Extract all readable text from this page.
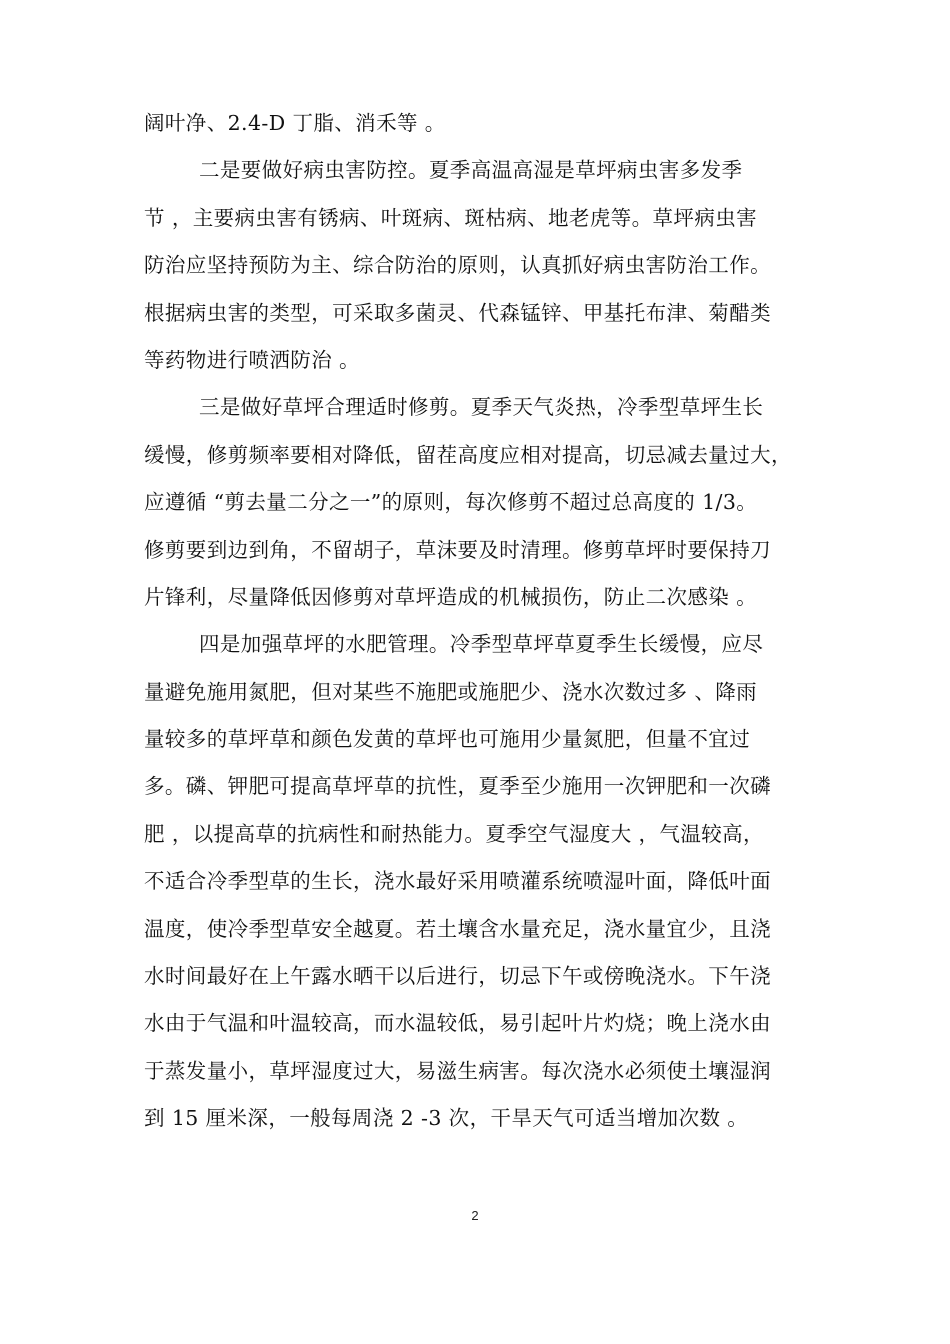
阔叶净、2.4-D 丁脂、消禾等 。
二是要做好病虫害防控。夏季高温高湿是草坪病虫害多发季
节 ，主要病虫害有锈病、叶斑病、斑枯病、地老虎等。草坪病虫害
防治应坚持预防为主、综合防治的原则，认真抓好病虫害防治工作。
根据病虫害的类型，可采取多菌灵、代森锰锌、甲基托布津、菊醋类
等药物进行喷洒防治 。
三是做好草坪合理适时修剪。夏季天气炎热，冷季型草坪生长
缓慢，修剪频率要相对降低，留茬高度应相对提高，切忌减去量过大，
应遵循 “剪去量二分之一”的原则，每次修剪不超过总高度的 1/3。
修剪要到边到角，不留胡子，草沫要及时清理。修剪草坪时要保持刀
片锋利，尽量降低因修剪对草坪造成的机械损伤，防止二次感染 。
四是加强草坪的水肥管理。冷季型草坪草夏季生长缓慢，应尽
量避免施用氮肥，但对某些不施肥或施肥少、浇水次数过多 、降雨
量较多的草坪草和颜色发黄的草坪也可施用少量氮肥，但量不宜过
多。磷、钾肥可提高草坪草的抗性，夏季至少施用一次钾肥和一次磷
肥 ，以提高草的抗病性和耐热能力。夏季空气湿度大 ，气温较高，
不适合冷季型草的生长，浇水最好采用喷灌系统喷湿叶面，降低叶面
温度，使冷季型草安全越夏。若土壤含水量充足，浇水量宜少，且浇
水时间最好在上午露水晒干以后进行，切忌下午或傍晚浇水。下午浇
水由于气温和叶温较高，而水温较低，易引起叶片灼烧；晚上浇水由
于蒸发量小，草坪湿度过大，易滋生病害。每次浇水必须使土壤湿润
到 15 厘米深，一般每周浇 2 -3 次，干旱天气可适当增加次数 。
2
